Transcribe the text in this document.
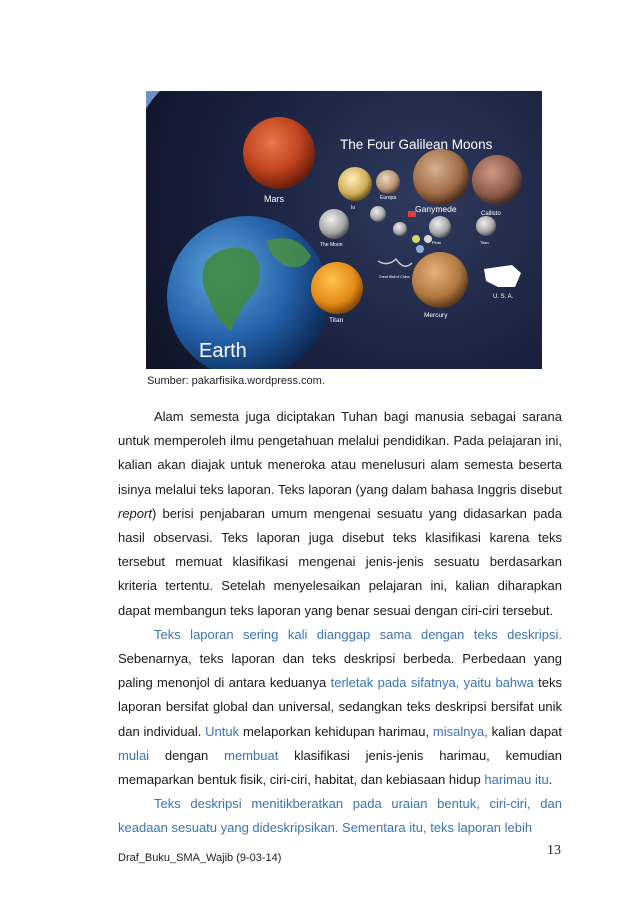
The Four Galilean Moons
Mars
Earth
Io
Europa
Ganymede	Callisto
The Moon	Pluto	Titan
Titan
Mercury
Great Wall of China
U. S. A.
Sumber: pakarfisika.wordpress.com.

Alam semesta juga diciptakan Tuhan bagi manusia sebagai sarana untuk memperoleh ilmu pengetahuan melalui pendidikan. Pada pelajaran ini, kalian akan diajak untuk meneroka atau menelusuri alam semesta beserta isinya melalui teks laporan. Teks laporan (yang dalam bahasa Inggris disebut report) berisi penjabaran umum mengenai sesuatu yang didasarkan pada hasil observasi. Teks laporan juga disebut teks klasifikasi karena teks tersebut memuat klasifikasi mengenai jenis-jenis sesuatu berdasarkan kriteria tertentu. Setelah menyelesaikan pelajaran ini, kalian diharapkan dapat membangun teks laporan yang benar sesuai dengan ciri-ciri tersebut.

Teks laporan sering kali dianggap sama dengan teks deskripsi. Sebenarnya, teks laporan dan teks deskripsi berbeda. Perbedaan yang paling menonjol di antara keduanya terletak pada sifatnya, yaitu bahwa teks laporan bersifat global dan universal, sedangkan teks deskripsi bersifat unik dan individual. Untuk melaporkan kehidupan harimau, misalnya, kalian dapat mulai dengan membuat klasifikasi jenis-jenis harimau, kemudian memaparkan bentuk fisik, ciri-ciri, habitat, dan kebiasaan hidup harimau itu.

Teks deskripsi menitikberatkan pada uraian bentuk, ciri-ciri, dan keadaan sesuatu yang dideskripsikan. Sementara itu, teks laporan lebih

Draf_Buku_SMA_Wajib (9-03-14)	13
